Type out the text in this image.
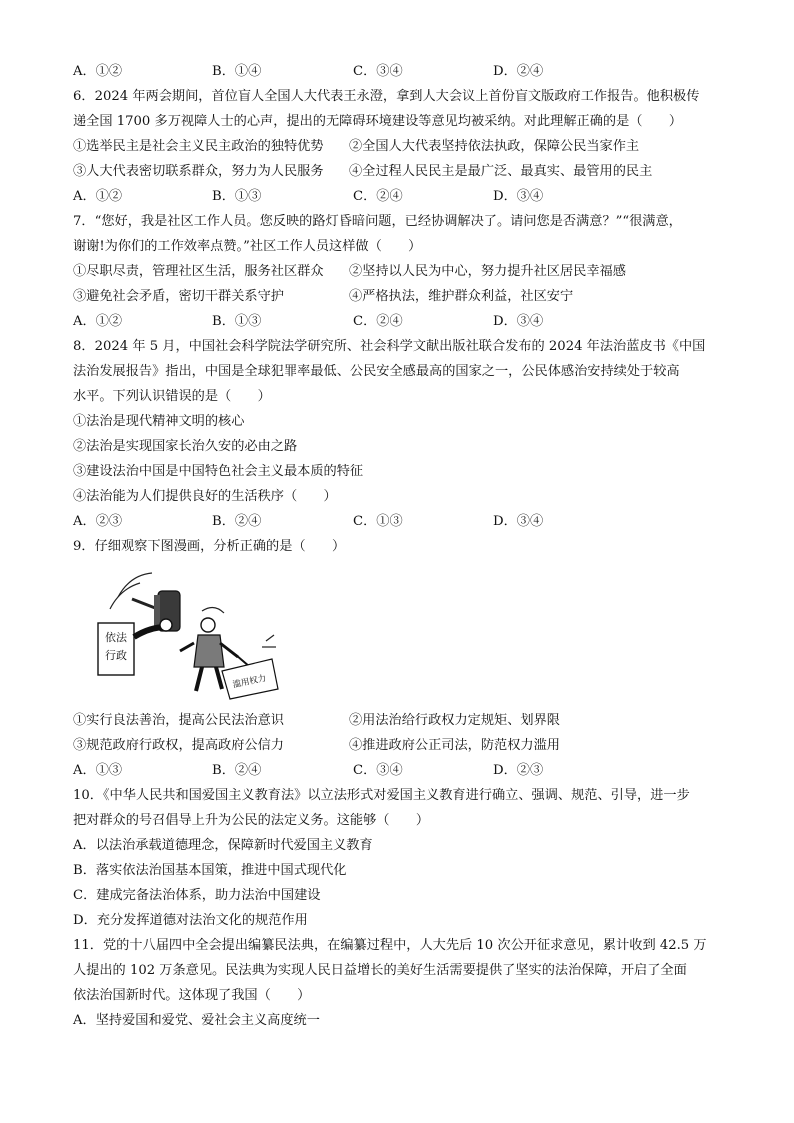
A．①②	B．①④	C．③④	D．②④
6．2024 年两会期间，首位盲人全国人大代表王永澄，拿到人大会议上首份盲文版政府工作报告。他积极传
递全国 1700 多万视障人士的心声，提出的无障碍环境建设等意见均被采纳。对此理解正确的是（　　）
①选举民主是社会主义民主政治的独特优势 ②全国人大代表坚持依法执政，保障公民当家作主
③人大代表密切联系群众，努力为人民服务 ④全过程人民民主是最广泛、最真实、最管用的民主
A．①②	B．①③	C．②④	D．③④
7．“您好，我是社区工作人员。您反映的路灯昏暗问题，已经协调解决了。请问您是否满意？”“很满意，
谢谢!为你们的工作效率点赞。”社区工作人员这样做（　　）
①尽职尽责，管理社区生活，服务社区群众 ②坚持以人民为中心，努力提升社区居民幸福感
③避免社会矛盾，密切干群关系守护	④严格执法，维护群众利益，社区安宁
A．①②	B．①③	C．②④	D．③④
8．2024 年 5 月，中国社会科学院法学研究所、社会科学文献出版社联合发布的 2024 年法治蓝皮书《中国
法治发展报告》指出，中国是全球犯罪率最低、公民安全感最高的国家之一，公民体感治安持续处于较高
水平。下列认识错误的是（　　）
①法治是现代精神文明的核心
②法治是实现国家长治久安的必由之路
③建设法治中国是中国特色社会主义最本质的特征
④法治能为人们提供良好的生活秩序（　　）
A．②③	B．②④	C．①③	D．③④
9．仔细观察下图漫画，分析正确的是（　　）
依法
行政
滥用权力
①实行良法善治，提高公民法治意识	②用法治给行政权力定规矩、划界限
③规范政府行政权，提高政府公信力	④推进政府公正司法，防范权力滥用
A．①③	B．②④	C．③④	D．②③
10．《中华人民共和国爱国主义教育法》以立法形式对爱国主义教育进行确立、强调、规范、引导，进一步
把对群众的号召倡导上升为公民的法定义务。这能够（　　）
A．以法治承载道德理念，保障新时代爱国主义教育
B．落实依法治国基本国策，推进中国式现代化
C．建成完备法治体系，助力法治中国建设
D．充分发挥道德对法治文化的规范作用
11．党的十八届四中全会提出编纂民法典，在编纂过程中，人大先后 10 次公开征求意见，累计收到 42.5 万
人提出的 102 万条意见。民法典为实现人民日益增长的美好生活需要提供了坚实的法治保障，开启了全面
依法治国新时代。这体现了我国（　　）
A．坚持爱国和爱党、爱社会主义高度统一
